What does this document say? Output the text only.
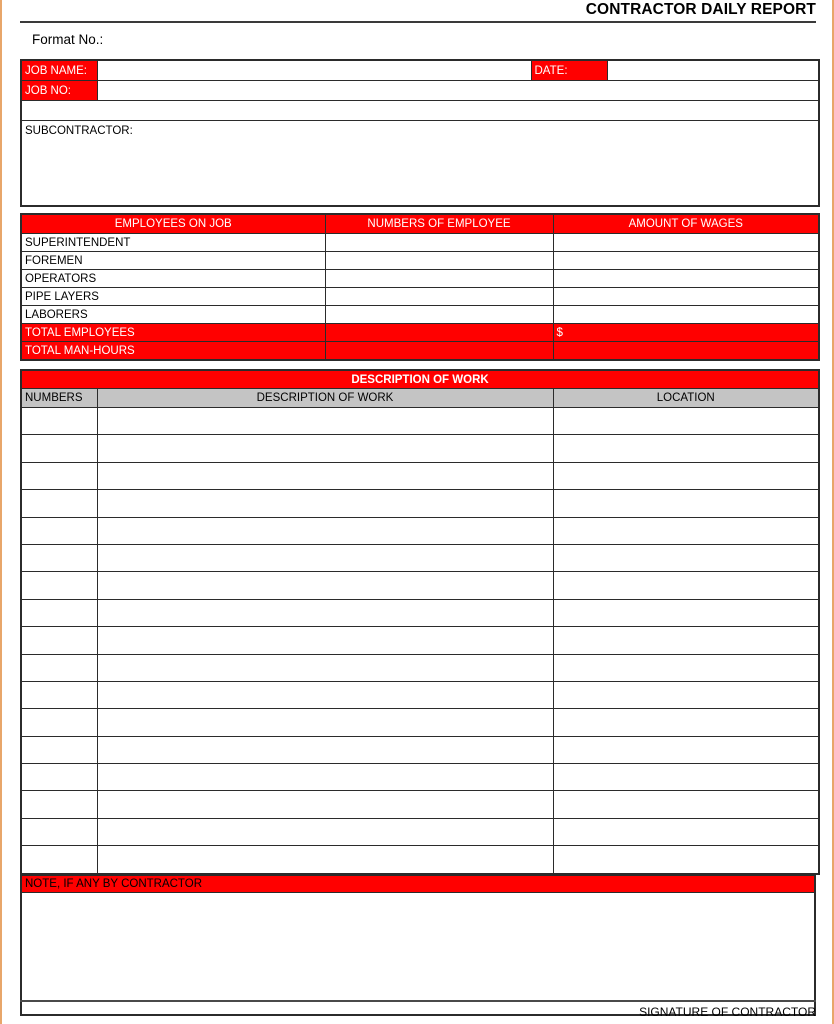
CONTRACTOR DAILY REPORT
Format No.:
JOB NAME:		DATE:	
JOB NO:			

SUBCONTRACTOR:			
EMPLOYEES ON JOB	NUMBERS OF EMPLOYEE	AMOUNT OF WAGES
SUPERINTENDENT		
FOREMEN		
OPERATORS		
PIPE LAYERS		
LABORERS		
TOTAL EMPLOYEES		$
TOTAL MAN-HOURS		
DESCRIPTION OF WORK		
NUMBERS	DESCRIPTION OF WORK	LOCATION

NOTE, IF ANY BY CONTRACTOR

SIGNATURE OF CONTRACTOR
